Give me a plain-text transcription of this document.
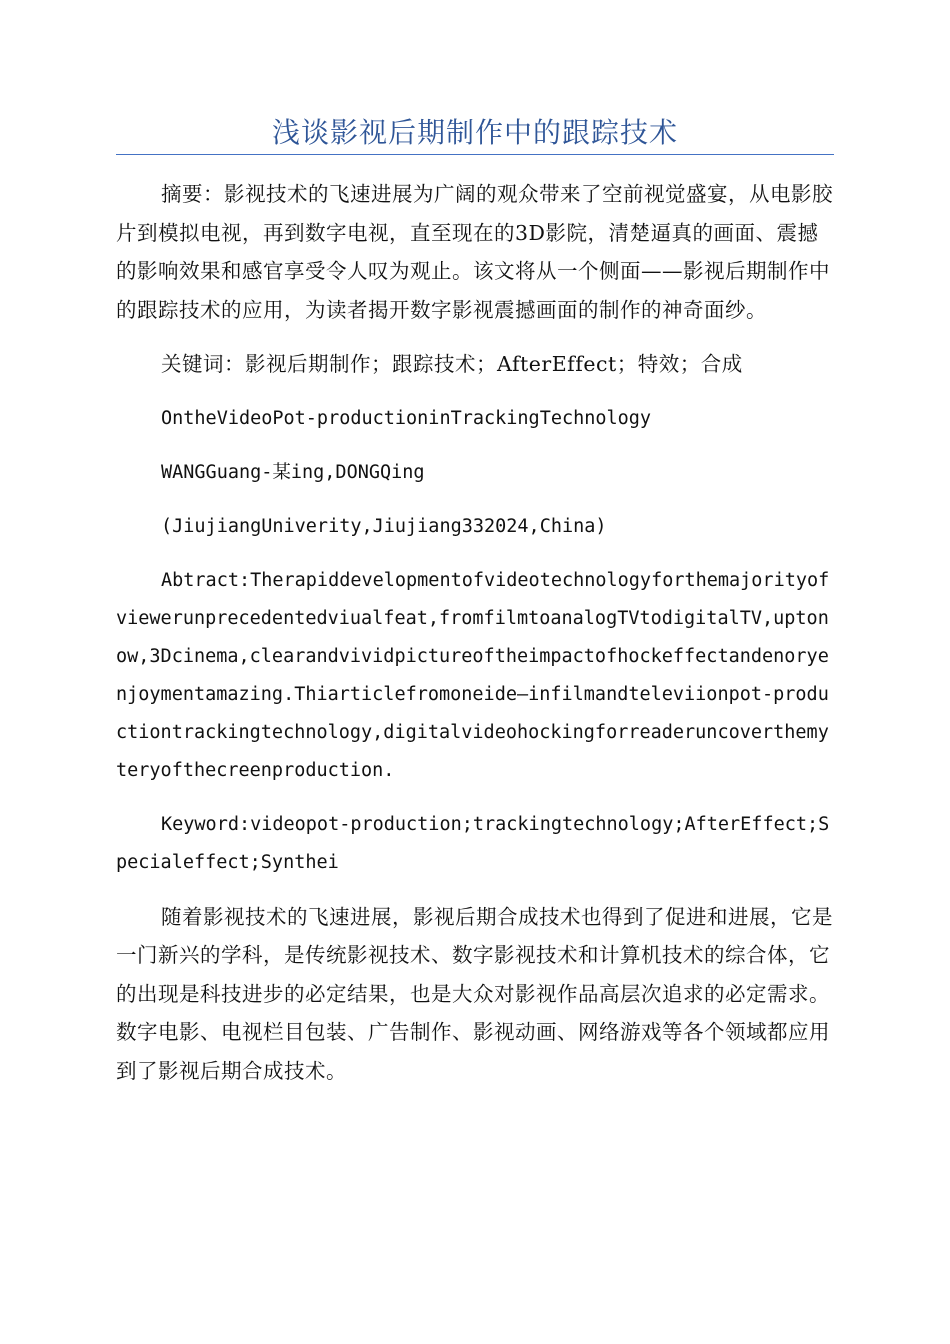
浅谈影视后期制作中的跟踪技术

摘要：影视技术的飞速进展为广阔的观众带来了空前视觉盛宴，从电影胶片到模拟电视，再到数字电视，直至现在的3D影院，清楚逼真的画面、震撼的影响效果和感官享受令人叹为观止。该文将从一个侧面——影视后期制作中的跟踪技术的应用，为读者揭开数字影视震撼画面的制作的神奇面纱。

关键词：影视后期制作；跟踪技术；AfterEffect；特效；合成

OntheVideoPot-productioninTrackingTechnology

WANGGuang-某ing,DONGQing

(JiujiangUniverity,Jiujiang332024,China)

Abtract:Therapiddevelopmentofvideotechnologyforthemajorityofviewerunprecedentedviualfeat,fromfilmtoanalogTVtodigitalTV,uptonow,3Dcinema,clearandvividpictureoftheimpactofhockeffectandenoryenjoymentamazing.Thiarticlefromoneide—infilmandteleviionpot-productiontrackingtechnology,digitalvideohockingforreaderuncoverthemyteryofthecreenproduction.

Keyword:videopot-production;trackingtechnology;AfterEffect;Specialeffect;Synthei

随着影视技术的飞速进展，影视后期合成技术也得到了促进和进展，它是一门新兴的学科，是传统影视技术、数字影视技术和计算机技术的综合体，它的出现是科技进步的必定结果，也是大众对影视作品高层次追求的必定需求。数字电影、电视栏目包装、广告制作、影视动画、网络游戏等各个领域都应用到了影视后期合成技术。
